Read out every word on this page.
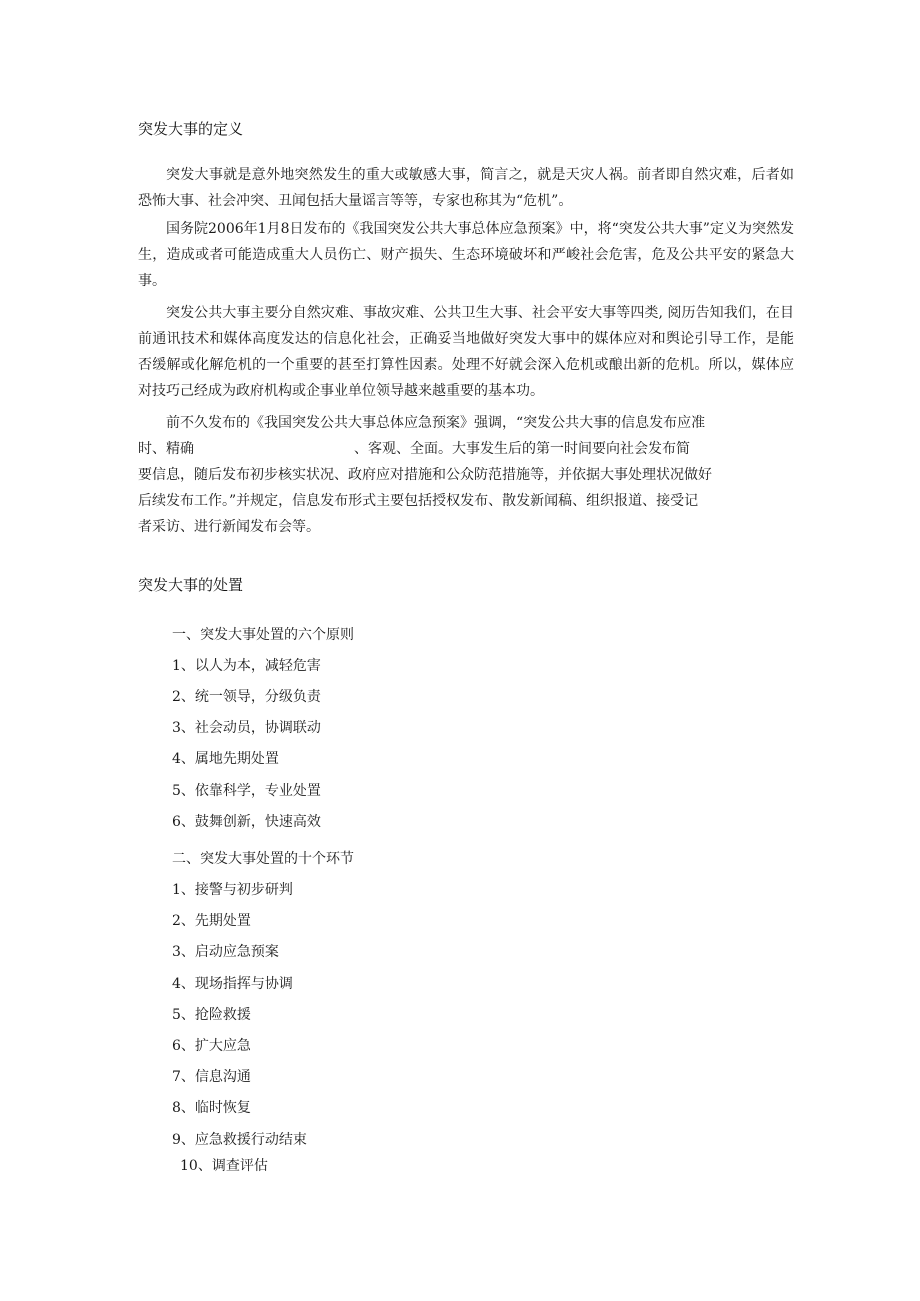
突发大事的定义

突发大事就是意外地突然发生的重大或敏感大事，简言之，就是天灾人祸。前者即自然灾难，后者如恐怖大事、社会冲突、丑闻包括大量谣言等等，专家也称其为“危机”。

国务院2006年1月8日发布的《我国突发公共大事总体应急预案》中，将“突发公共大事”定义为突然发生，造成或者可能造成重大人员伤亡、财产损失、生态环境破坏和严峻社会危害，危及公共平安的紧急大事。

突发公共大事主要分自然灾难、事故灾难、公共卫生大事、社会平安大事等四类, 阅历告知我们，在目前通讯技术和媒体高度发达的信息化社会，正确妥当地做好突发大事中的媒体应对和舆论引导工作，是能否缓解或化解危机的一个重要的甚至打算性因素。处理不好就会深入危机或酿出新的危机。所以，媒体应对技巧己经成为政府机构或企事业单位领导越来越重要的基本功。

前不久发布的《我国突发公共大事总体应急预案》强调，“突发公共大事的信息发布应准
时、精确	、客观、全面。大事发生后的第一时间要向社会发布简
要信息，随后发布初步核实状况、政府应对措施和公众防范措施等，并依据大事处理状况做好
后续发布工作。”并规定，信息发布形式主要包括授权发布、散发新闻稿、组织报道、接受记
者采访、进行新闻发布会等。
突发大事的处置
一、突发大事处置的六个原则
1、以人为本，减轻危害
2、统一领导，分级负责
3、社会动员，协调联动
4、属地先期处置
5、依靠科学，专业处置
6、鼓舞创新，快速高效
二、突发大事处置的十个环节
1、接警与初步研判
2、先期处置
3、启动应急预案
4、现场指挥与协调
5、抢险救援
6、扩大应急
7、信息沟通
8、临时恢复
9、应急救援行动结束
10、调查评估
